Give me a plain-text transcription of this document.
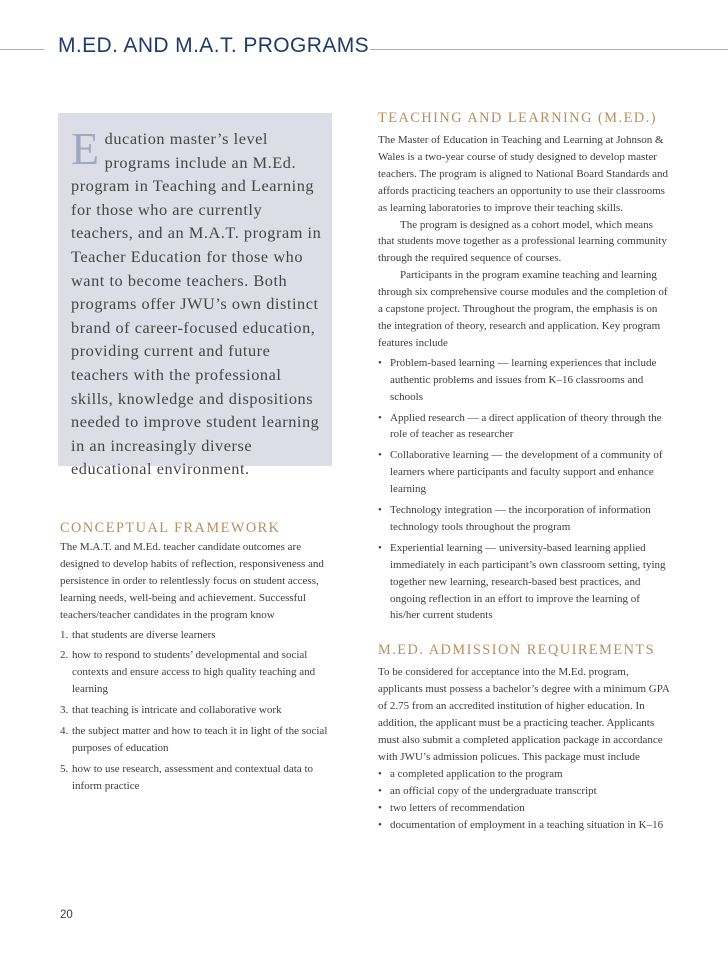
M.ED. AND M.A.T. PROGRAMS

Education master’s level programs include an M.Ed. program in Teaching and Learning for those who are currently teachers, and an M.A.T. program in Teacher Education for those who want to become teachers. Both programs offer JWU’s own distinct brand of career-focused education, providing current and future teachers with the professional skills, knowledge and dispositions needed to improve student learning in an increasingly diverse educational environment.

CONCEPTUAL FRAMEWORK

The M.A.T. and M.Ed. teacher candidate outcomes are designed to develop habits of reflection, responsiveness and persistence in order to relentlessly focus on student access, learning needs, well-being and achievement. Successful teachers/teacher candidates in the program know

1. that students are diverse learners
2. how to respond to students’ developmental and social contexts and ensure access to high quality teaching and learning
3. that teaching is intricate and collaborative work
4. the subject matter and how to teach it in light of the social purposes of education
5. how to use research, assessment and contextual data to inform practice
TEACHING AND LEARNING (M.ED.)

The Master of Education in Teaching and Learning at Johnson & Wales is a two-year course of study designed to develop master teachers. The program is aligned to National Board Standards and affords practicing teachers an opportunity to use their classrooms as learning laboratories to improve their teaching skills.

The program is designed as a cohort model, which means that students move together as a professional learning community through the required sequence of courses.

Participants in the program examine teaching and learning through six comprehensive course modules and the completion of a capstone project. Throughout the program, the emphasis is on the integration of theory, research and application. Key program features include

• Problem-based learning — learning experiences that include authentic problems and issues from K–16 classrooms and schools
• Applied research — a direct application of theory through the role of teacher as researcher
• Collaborative learning — the development of a community of learners where participants and faculty support and enhance learning
• Technology integration — the incorporation of information technology tools throughout the program
• Experiential learning — university-based learning applied immediately in each participant’s own classroom setting, tying together new learning, research-based best practices, and ongoing reflection in an effort to improve the learning of his/her current students
M.ED. ADMISSION REQUIREMENTS

To be considered for acceptance into the M.Ed. program, applicants must possess a bachelor’s degree with a minimum GPA of 2.75 from an accredited institution of higher education. In addition, the applicant must be a practicing teacher. Applicants must also submit a completed application package in accordance with JWU’s admission policues. This package must include

• a completed application to the program
• an official copy of the undergraduate transcript
• two letters of recommendation
• documentation of employment in a teaching situation in K–16
20
